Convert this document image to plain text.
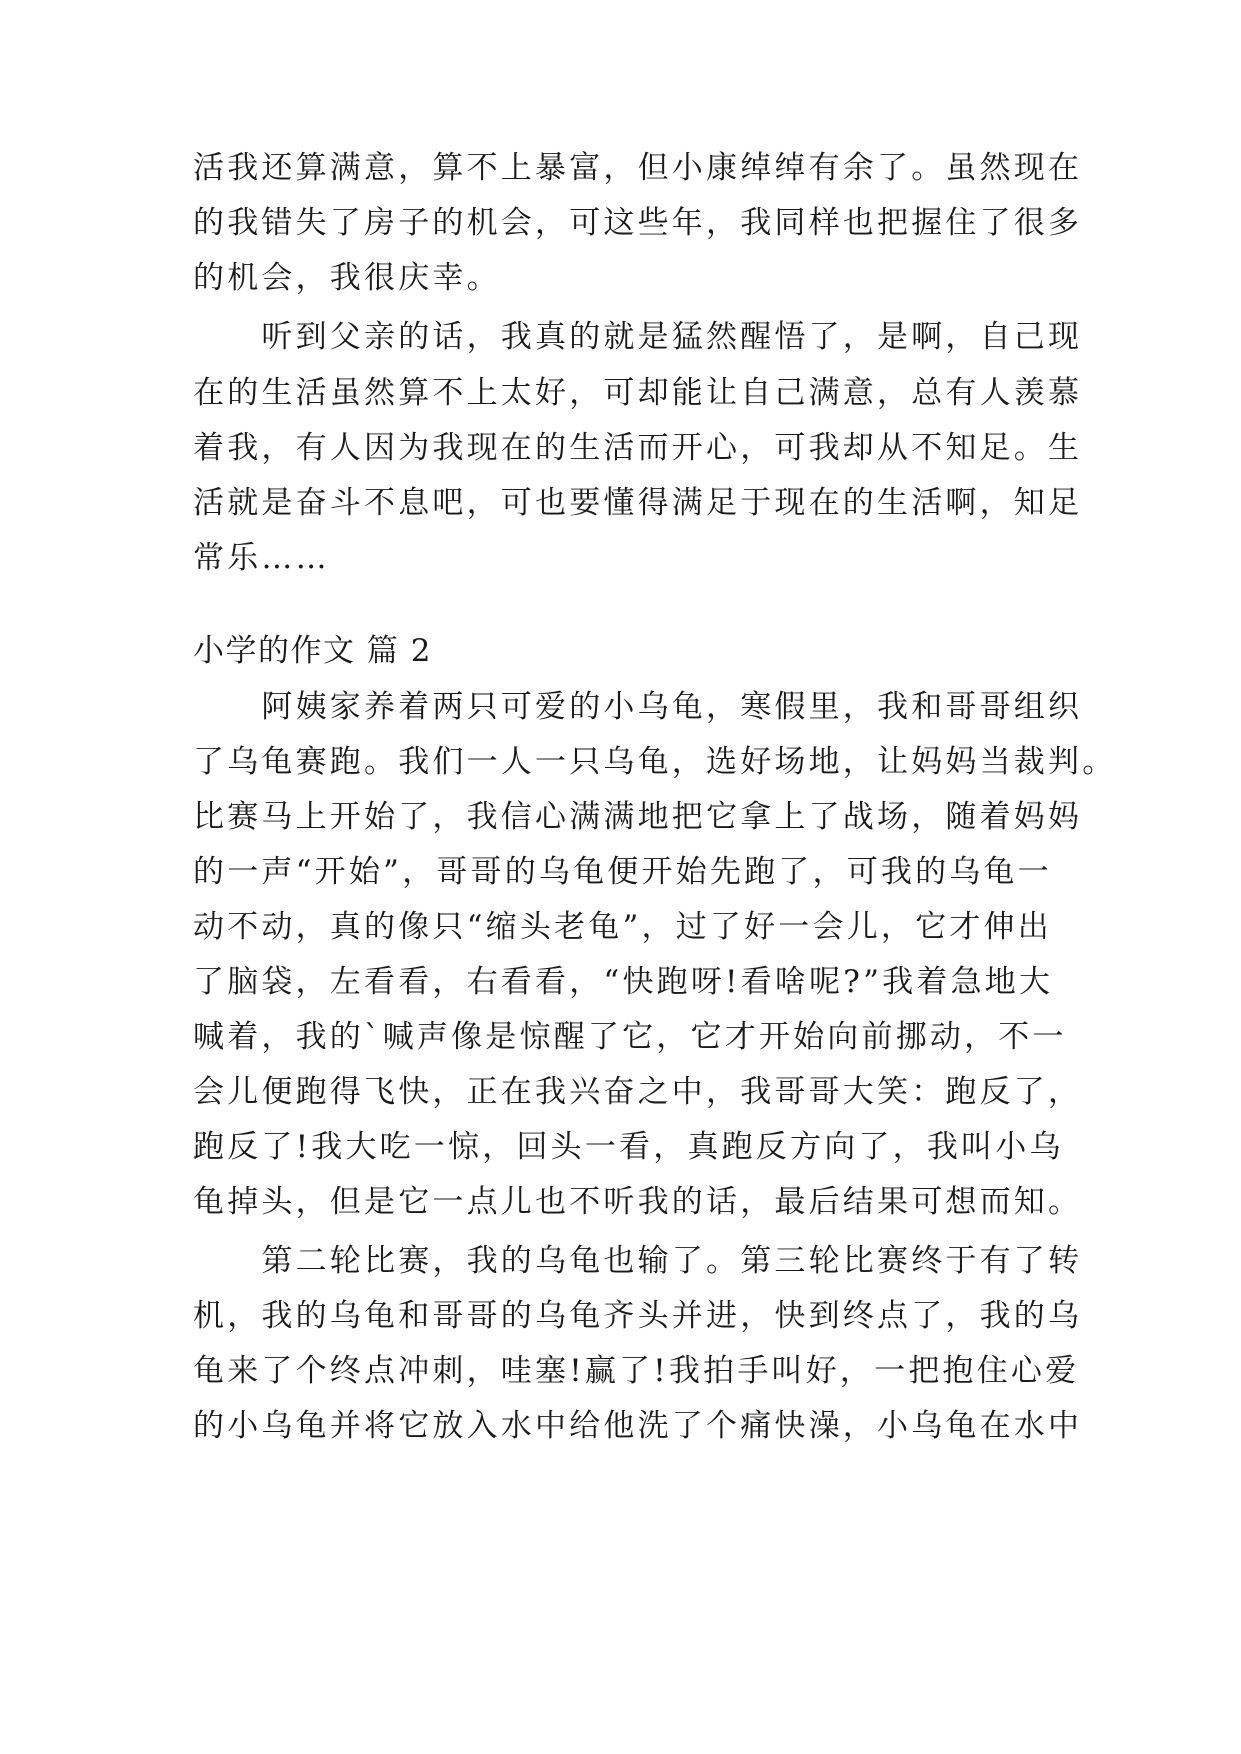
活我还算满意，算不上暴富，但小康绰绰有余了。虽然现在
的我错失了房子的机会，可这些年，我同样也把握住了很多
的机会，我很庆幸。
　　听到父亲的话，我真的就是猛然醒悟了，是啊，自己现
在的生活虽然算不上太好，可却能让自己满意，总有人羡慕
着我，有人因为我现在的生活而开心，可我却从不知足。生
活就是奋斗不息吧，可也要懂得满足于现在的生活啊，知足
常乐……
小学的作文 篇 2
　　阿姨家养着两只可爱的小乌龟，寒假里，我和哥哥组织
了乌龟赛跑。我们一人一只乌龟，选好场地，让妈妈当裁判。
比赛马上开始了，我信心满满地把它拿上了战场，随着妈妈
的一声“开始”，哥哥的乌龟便开始先跑了，可我的乌龟一
动不动，真的像只“缩头老龟”，过了好一会儿，它才伸出
了脑袋，左看看，右看看，“快跑呀!看啥呢?”我着急地大
喊着，我的`喊声像是惊醒了它，它才开始向前挪动，不一
会儿便跑得飞快，正在我兴奋之中，我哥哥大笑：跑反了，
跑反了!我大吃一惊，回头一看，真跑反方向了，我叫小乌
龟掉头，但是它一点儿也不听我的话，最后结果可想而知。
　　第二轮比赛，我的乌龟也输了。第三轮比赛终于有了转
机，我的乌龟和哥哥的乌龟齐头并进，快到终点了，我的乌
龟来了个终点冲刺，哇塞!赢了!我拍手叫好，一把抱住心爱
的小乌龟并将它放入水中给他洗了个痛快澡，小乌龟在水中
